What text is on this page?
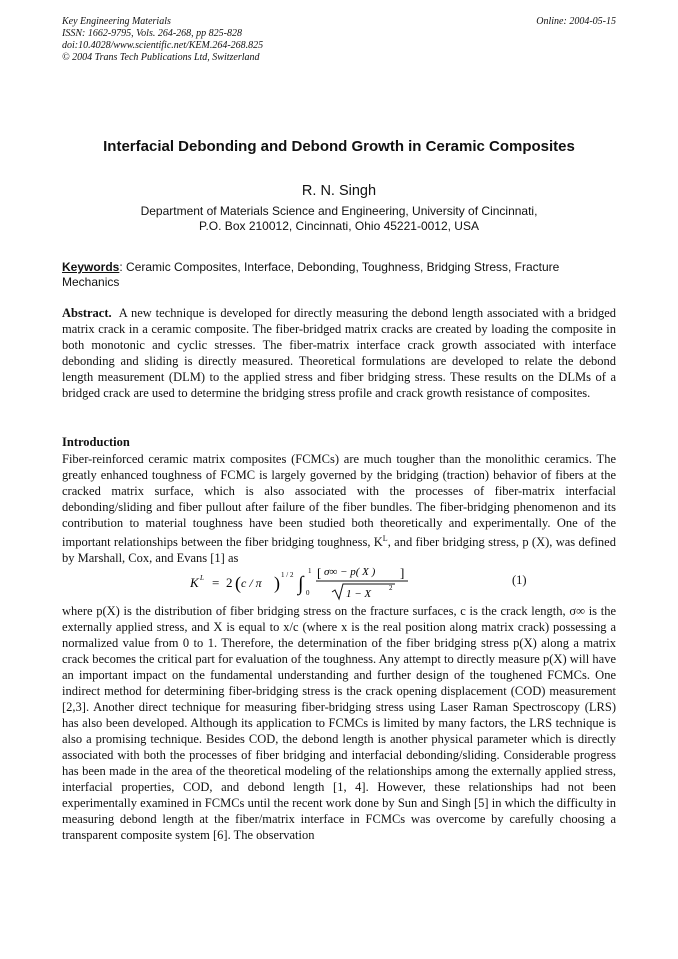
Key Engineering Materials
ISSN: 1662-9795, Vols. 264-268, pp 825-828
doi:10.4028/www.scientific.net/KEM.264-268.825
© 2004 Trans Tech Publications Ltd, Switzerland
Online: 2004-05-15
Interfacial Debonding and Debond Growth in Ceramic Composites
R. N. Singh
Department of Materials Science and Engineering, University of Cincinnati,
P.O. Box 210012, Cincinnati, Ohio 45221-0012, USA
Keywords: Ceramic Composites, Interface, Debonding, Toughness, Bridging Stress, Fracture Mechanics
Abstract. A new technique is developed for directly measuring the debond length associated with a bridged matrix crack in a ceramic composite. The fiber-bridged matrix cracks are created by loading the composite in both monotonic and cyclic stresses. The fiber-matrix interface crack growth associated with interface debonding and sliding is directly measured. Theoretical formulations are developed to relate the debond length measurement (DLM) to the applied stress and fiber bridging stress. These results on the DLMs of a bridged crack are used to determine the bridging stress profile and crack growth resistance of composites.
Introduction
Fiber-reinforced ceramic matrix composites (FCMCs) are much tougher than the monolithic ceramics. The greatly enhanced toughness of FCMC is largely governed by the bridging (traction) behavior of fibers at the cracked matrix surface, which is also associated with the processes of fiber-matrix interfacial debonding/sliding and fiber pullout after failure of the fiber bundles. The fiber-bridging phenomenon and its contribution to material toughness have been studied both theoretically and experimentally. One of the important relationships between the fiber bridging toughness, $K^L$, and fiber bridging stress, p (X), was defined by Marshall, Cox, and Evans [1] as
K L = 2 ( c / π ) 1 / 2 ∫
1
0
[ σ∞ − p( X ) ]
1 − X	2
(1)
where p(X) is the distribution of fiber bridging stress on the fracture surfaces, c is the crack length, σ∞ is the externally applied stress, and X is equal to x/c (where x is the real position along matrix crack) possessing a normalized value from 0 to 1. Therefore, the determination of the fiber bridging stress p(X) along a matrix crack becomes the critical part for evaluation of the toughness. Any attempt to directly measure p(X) will have an important impact on the fundamental understanding and further design of the toughened FCMCs. One indirect method for determining fiber-bridging stress is the crack opening displacement (COD) measurement [2,3]. Another direct technique for measuring fiber-bridging stress using Laser Raman Spectroscopy (LRS) has also been developed. Although its application to FCMCs is limited by many factors, the LRS technique is also a promising technique. Besides COD, the debond length is another physical parameter which is directly associated with both the processes of fiber bridging and interfacial debonding/sliding. Considerable progress has been made in the area of the theoretical modeling of the relationships among the externally applied stress, interfacial properties, COD, and debond length [1, 4]. However, these relationships had not been experimentally examined in FCMCs until the recent work done by Sun and Singh [5] in which the difficulty in measuring debond length at the fiber/matrix interface in FCMCs was overcome by carefully choosing a transparent composite system [6]. The observation
